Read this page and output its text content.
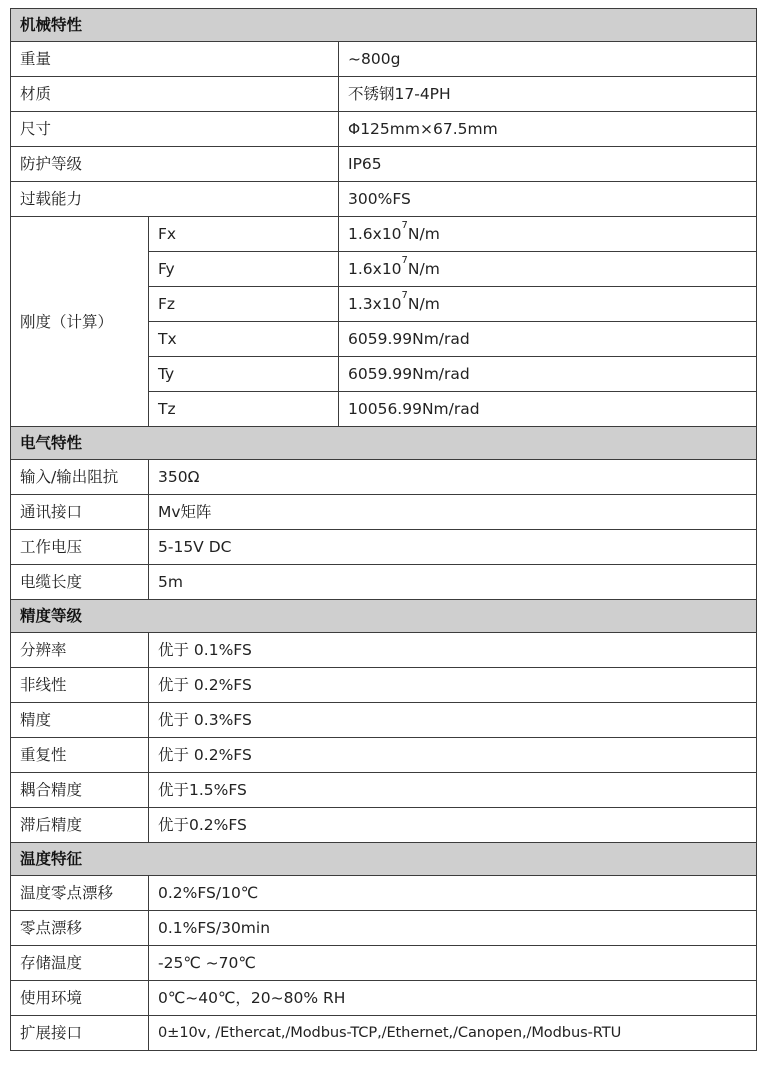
机械特性		
重量		~800g
材质		不锈钢17-4PH
尺寸		Φ125mm×67.5mm
防护等级		IP65
过载能力		300%FS
刚度（计算）	Fx	$1.6x10^7N/m$
	Fy	$1.6x10^7N/m$
	Fz	$1.3x10^7N/m$
	Tx	6059.99Nm/rad
	Ty	6059.99Nm/rad
	Tz	10056.99Nm/rad
电气特性		
输入/输出阻抗	350Ω	
通讯接口	Mv矩阵	
工作电压	5-15V DC	
电缆长度	5m	
精度等级		
分辨率	优于 0.1%FS	
非线性	优于 0.2%FS	
精度	优于 0.3%FS	
重复性	优于 0.2%FS	
耦合精度	优于1.5%FS	
滞后精度	优于0.2%FS	
温度特征		
温度零点漂移	0.2%FS/10℃	
零点漂移	0.1%FS/30min	
存储温度	-25℃ ~70℃	
使用环境	0℃~40℃，20~80% RH	
扩展接口	0±10v, /Ethercat,/Modbus-TCP,/Ethernet,/Canopen,/Modbus-RTU	
